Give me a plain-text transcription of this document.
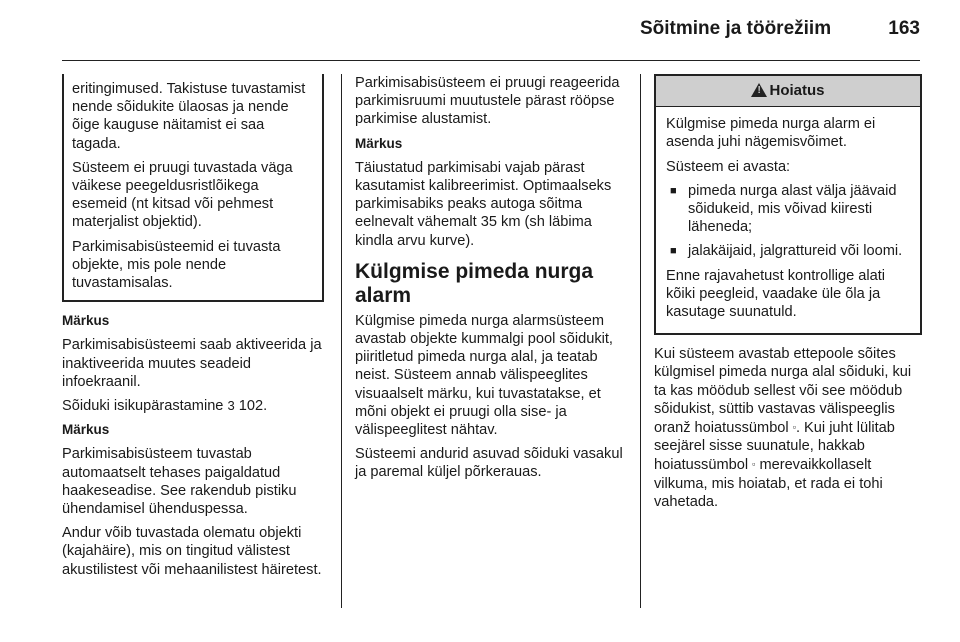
Sõitmine ja töörežiim	163

eritingimused. Takistuse tuvastamist nende sõidukite ülaosas ja nende õige kauguse näitamist ei saa tagada.

Süsteem ei pruugi tuvastada väga väikese peegeldusristlõikega esemeid (nt kitsad või pehmest materjalist objektid).

Parkimisabisüsteemid ei tuvasta objekte, mis pole nende tuvastamisalas.

Märkus

Parkimisabisüsteemi saab aktiveerida ja inaktiveerida muutes seadeid infoekraanil.

Sõiduki isikupärastamine 3 102.

Märkus

Parkimisabisüsteem tuvastab automaatselt tehases paigaldatud haakeseadise. See rakendub pistiku ühendamisel ühenduspessa.

Andur võib tuvastada olematu objekti (kajahäire), mis on tingitud välistest akustilistest või mehaanilistest häiretest.

Parkimisabisüsteem ei pruugi reageerida parkimisruumi muutustele pärast rööpse parkimise alustamist.

Märkus

Täiustatud parkimisabi vajab pärast kasutamist kalibreerimist. Optimaalseks parkimisabiks peaks autoga sõitma eelnevalt vähemalt 35 km (sh läbima kindla arvu kurve).

Külgmise pimeda nurga alarm

Külgmise pimeda nurga alarmsüsteem avastab objekte kummalgi pool sõidukit, piiritletud pimeda nurga alal, ja teatab neist. Süsteem annab välispeeglites visuaalselt märku, kui tuvastatakse, et mõni objekt ei pruugi olla sise- ja välispeeglitest nähtav.

Süsteemi andurid asuvad sõiduki vasakul ja paremal küljel põrkerauas.

!Hoiatus

Külgmise pimeda nurga alarm ei asenda juhi nägemisvõimet.

Süsteem ei avasta:

■ pimeda nurga alast välja jäävaid sõidukeid, mis võivad kiiresti läheneda;
■ jalakäijaid, jalgrattureid või loomi.

Enne rajavahetust kontrollige alati kõiki peegleid, vaadake üle õla ja kasutage suunatuld.

Kui süsteem avastab ettepoole sõites külgmisel pimeda nurga alal sõiduki, kui ta kas möödub sellest või see möödub sõidukist, süttib vastavas välispeeglis oranž hoiatussümbol ▫. Kui juht lülitab seejärel sisse suunatule, hakkab hoiatussümbol ▫ merevaikkollaselt vilkuma, mis hoiatab, et rada ei tohi vahetada.
